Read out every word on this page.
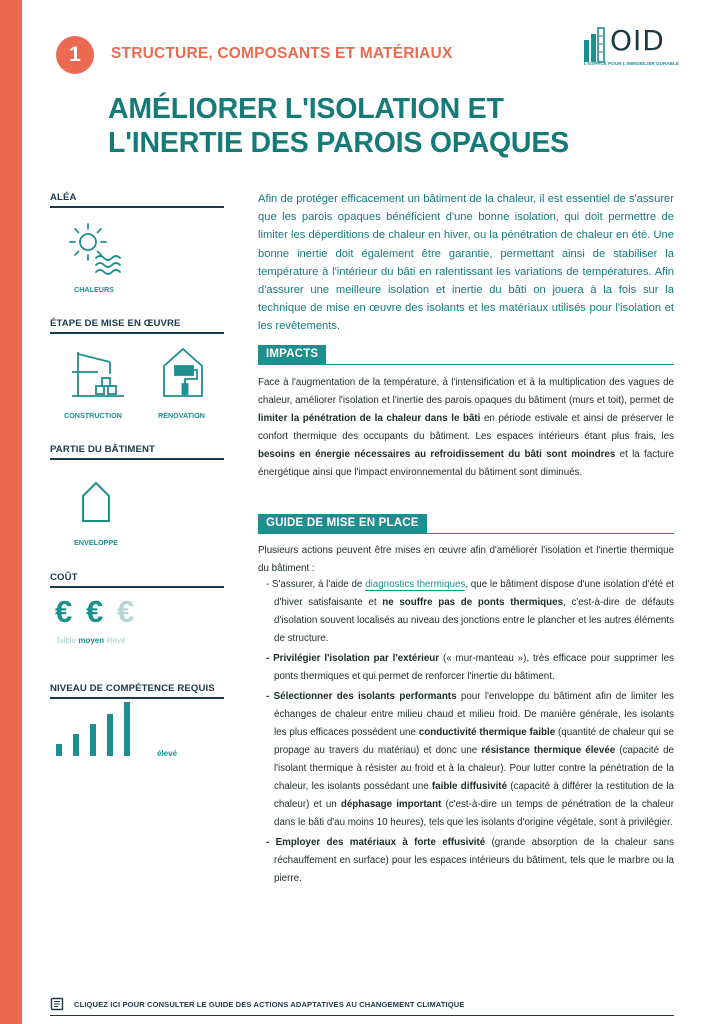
1	STRUCTURE, COMPOSANTS ET MATÉRIAUX	OID
L'ESPACE POUR L'IMMOBILIER DURABLE
AMÉLIORER L'ISOLATION ET
L'INERTIE DES PAROIS OPAQUES
ALÉA
CHALEURS
ÉTAPE DE MISE EN ŒUVRE
CONSTRUCTION	RÉNOVATION
PARTIE DU BÂTIMENT
ENVELOPPE
COÛT
€ € €
faible moyen élevé
NIVEAU DE COMPÉTENCE REQUIS
élevé
Afin de protéger efficacement un bâtiment de la chaleur, il est essentiel de s'assurer que les parois opaques bénéficient d'une bonne isolation, qui doit permettre de limiter les déperditions de chaleur en hiver, ou la pénétration de chaleur en été. Une bonne inertie doit également être garantie, permettant ainsi de stabiliser la température à l'intérieur du bâti en ralentissant les variations de températures. Afin d'assurer une meilleure isolation et inertie du bâti on jouera à la fois sur la technique de mise en œuvre des isolants et les matériaux utilisés pour l'isolation et les revêtements.
IMPACTS
Face à l'augmentation de la température, à l'intensification et à la multiplication des vagues de chaleur, améliorer l'isolation et l'inertie des parois opaques du bâtiment (murs et toit), permet de limiter la pénétration de la chaleur dans le bâti en période estivale et ainsi de préserver le confort thermique des occupants du bâtiment. Les espaces intérieurs étant plus frais, les besoins en énergie nécessaires au refroidissement du bâti sont moindres et la facture énergétique ainsi que l'impact environnemental du bâtiment sont diminués.
GUIDE DE MISE EN PLACE
Plusieurs actions peuvent être mises en œuvre afin d'améliorer l'isolation et l'inertie thermique du bâtiment :
- S'assurer, à l'aide de diagnostics thermiques, que le bâtiment dispose d'une isolation d'été et d'hiver satisfaisante et ne souffre pas de ponts thermiques, c'est-à-dire de défauts d'isolation souvent localisés au niveau des jonctions entre le plancher et les autres éléments de structure.
- Privilégier l'isolation par l'extérieur (« mur-manteau »), très efficace pour supprimer les ponts thermiques et qui permet de renforcer l'inertie du bâtiment.
- Sélectionner des isolants performants pour l'enveloppe du bâtiment afin de limiter les échanges de chaleur entre milieu chaud et milieu froid. De manière générale, les isolants les plus efficaces possèdent une conductivité thermique faible (quantité de chaleur qui se propage au travers du matériau) et donc une résistance thermique élevée (capacité de l'isolant thermique à résister au froid et à la chaleur). Pour lutter contre la pénétration de la chaleur, les isolants possédant une faible diffusivité (capacité à différer la restitution de la chaleur) et un déphasage important (c'est-à-dire un temps de pénétration de la chaleur dans le bâti d'au moins 10 heures), tels que les isolants d'origine végétale, sont à privilégier.
- Employer des matériaux à forte effusivité (grande absorption de la chaleur sans réchauffement en surface) pour les espaces intérieurs du bâtiment, tels que le marbre ou la pierre.
CLIQUEZ ICI POUR CONSULTER LE GUIDE DES ACTIONS ADAPTATIVES AU CHANGEMENT CLIMATIQUE
